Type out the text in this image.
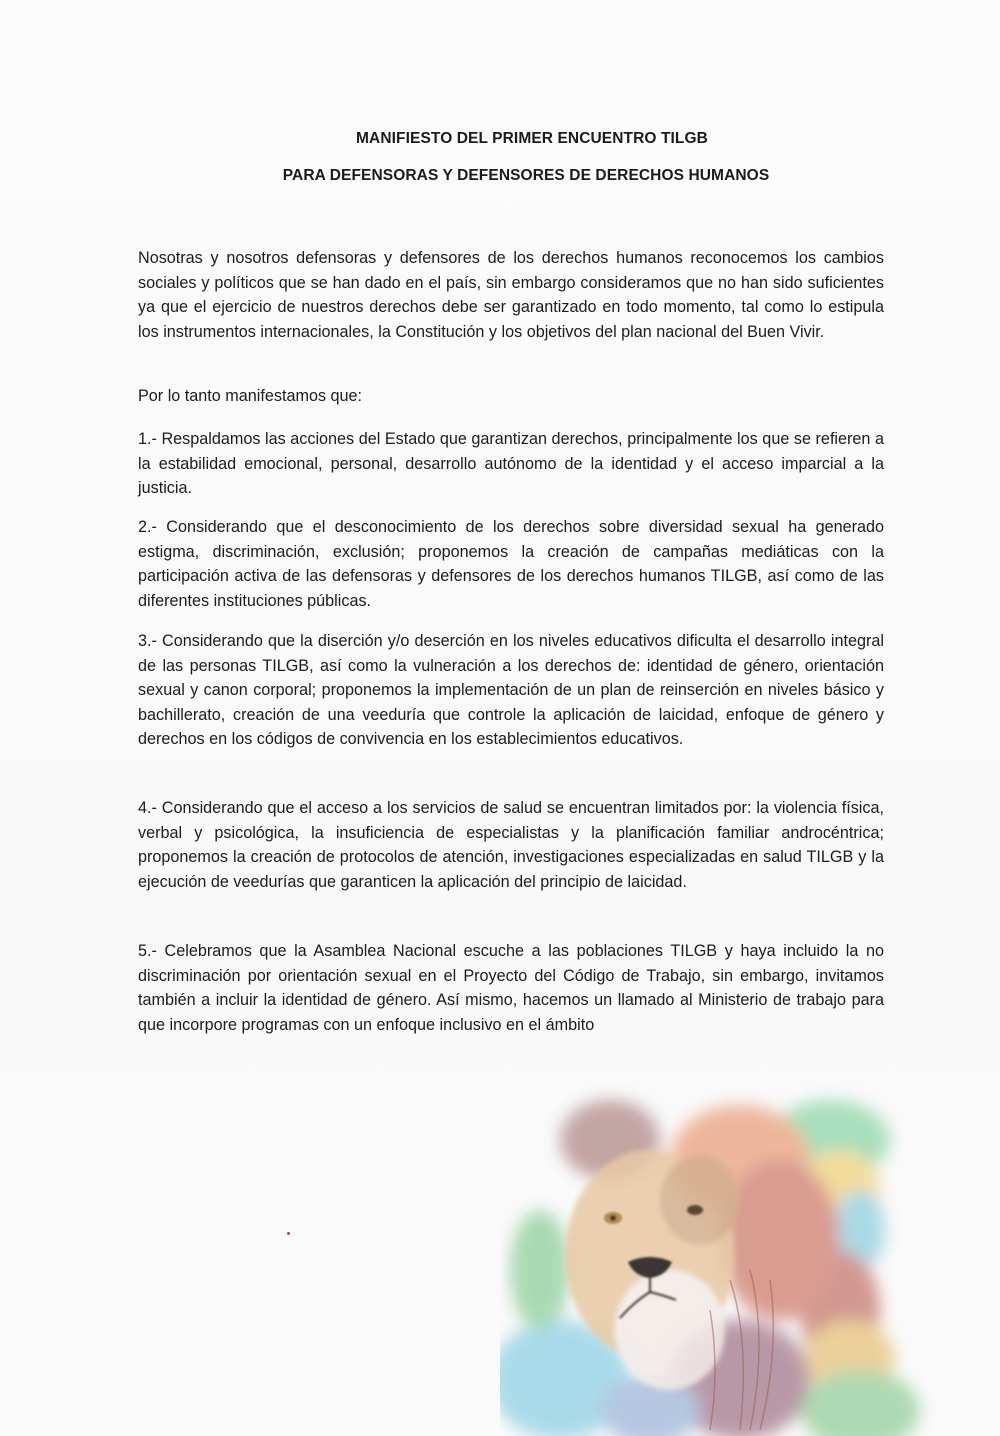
MANIFIESTO DEL PRIMER ENCUENTRO TILGB
PARA DEFENSORAS Y DEFENSORES DE DERECHOS HUMANOS

Nosotras y nosotros defensoras y defensores de los derechos humanos reconocemos los cambios sociales y políticos que se han dado en el país, sin embargo consideramos que no han sido suficientes ya que el ejercicio de nuestros derechos debe ser garantizado en todo momento, tal como lo estipula los instrumentos internacionales, la Constitución y los objetivos del plan nacional del Buen Vivir.

Por lo tanto manifestamos que:

1.- Respaldamos las acciones del Estado que garantizan derechos, principalmente los que se refieren a la estabilidad emocional, personal, desarrollo autónomo de la identidad y el acceso imparcial a la justicia.

2.- Considerando que el desconocimiento de los derechos sobre diversidad sexual ha generado estigma, discriminación, exclusión; proponemos la creación de campañas mediáticas con la participación activa de las defensoras y defensores de los derechos humanos TILGB, así como de las diferentes instituciones públicas.

3.- Considerando que la diserción y/o deserción en los niveles educativos dificulta el desarrollo integral de las personas TILGB, así como la vulneración a los derechos de: identidad de género, orientación sexual y canon corporal; proponemos la implementación de un plan de reinserción en niveles básico y bachillerato, creación de una veeduría que controle la aplicación de laicidad, enfoque de género y derechos en los códigos de convivencia en los establecimientos educativos.

4.- Considerando que el acceso a los servicios de salud se encuentran limitados por: la violencia física, verbal y psicológica, la insuficiencia de especialistas y la planificación familiar androcéntrica; proponemos la creación de protocolos de atención, investigaciones especializadas en salud TILGB y la ejecución de veedurías que garanticen la aplicación del principio de laicidad.

5.- Celebramos que la Asamblea Nacional escuche a las poblaciones TILGB y haya incluido la no discriminación por orientación sexual en el Proyecto del Código de Trabajo, sin embargo, invitamos también a incluir la identidad de género. Así mismo, hacemos un llamado al Ministerio de trabajo para que incorpore programas con un enfoque inclusivo en el ámbito
